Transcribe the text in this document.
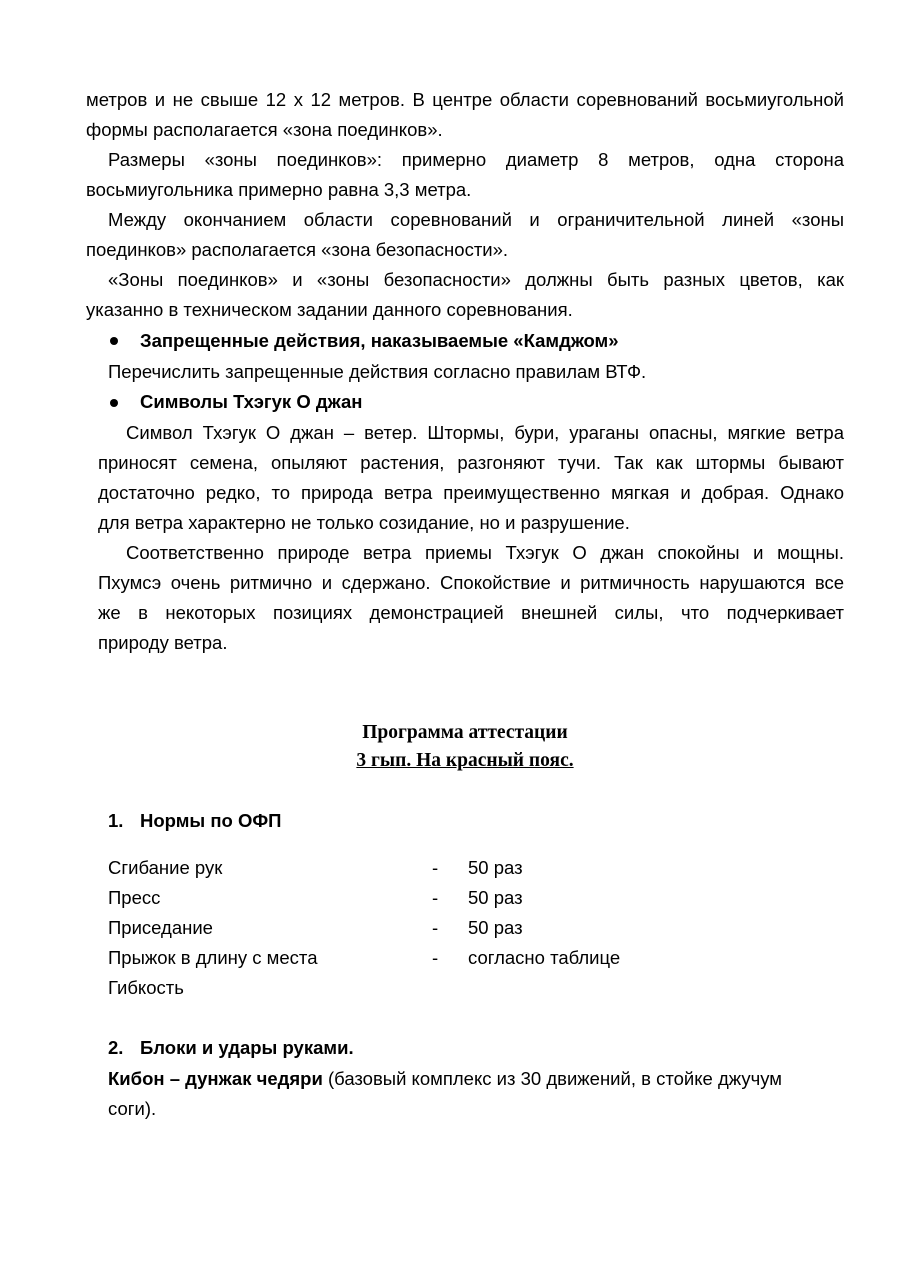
метров и не свыше 12 х 12 метров. В центре области соревнований восьмиугольной
формы располагается «зона поединков».
Размеры «зоны поединков»: примерно диаметр 8 метров, одна сторона
восьмиугольника примерно равна 3,3 метра.
Между окончанием области соревнований и ограничительной линей «зоны
поединков» располагается «зона безопасности».
«Зоны поединков» и «зоны безопасности» должны быть разных цветов, как
указанно в техническом задании данного соревнования.
Запрещенные действия, наказываемые «Камджом»
Перечислить запрещенные действия согласно правилам ВТФ.
Символы Тхэгук О джан
Символ Тхэгук О джан – ветер. Штормы, бури, ураганы опасны, мягкие ветра
приносят семена, опыляют растения, разгоняют тучи. Так как штормы бывают
достаточно редко, то природа ветра преимущественно мягкая и добрая. Однако
для ветра характерно не только созидание, но и разрушение.
Соответственно природе ветра приемы Тхэгук О джан спокойны и мощны.
Пхумсэ очень ритмично и сдержано. Спокойствие и ритмичность нарушаются все
же в некоторых позициях демонстрацией внешней силы, что подчеркивает
природу ветра.
Программа аттестации
3 гып. На красный пояс.
1. Нормы по ОФП
Сгибание рук	- 50 раз
Пресс	- 50 раз
Приседание	- 50 раз
Прыжок в длину с места	- согласно таблице
Гибкость
2. Блоки и удары руками.
Кибон – дунжак чедяри (базовый комплекс из 30 движений, в стойке джучум
соги).
